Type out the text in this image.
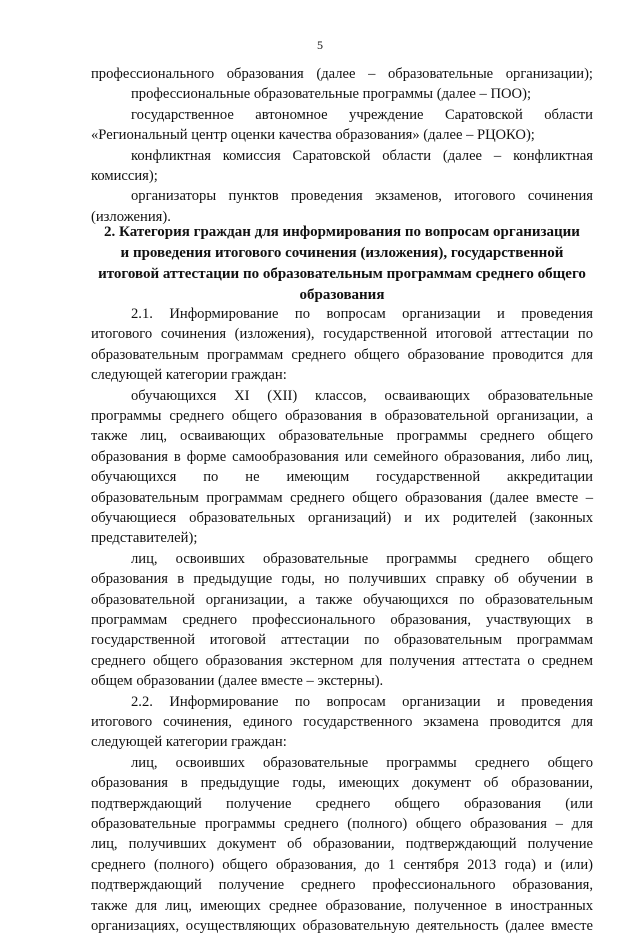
5
профессионального образования (далее – образовательные организации);
профессиональные образовательные программы (далее – ПОО);
государственное автономное учреждение Саратовской области
«Региональный центр оценки качества образования» (далее – РЦОКО);
конфликтная комиссия Саратовской области (далее – конфликтная
комиссия);
организаторы пунктов проведения экзаменов, итогового сочинения
(изложения).
2. Категория граждан для информирования по вопросам организации
и проведения итогового сочинения (изложения), государственной
итоговой аттестации по образовательным программам среднего общего
образования
2.1. Информирование по вопросам организации и проведения
итогового сочинения (изложения), государственной итоговой аттестации по
образовательным программам среднего общего образование проводится для
следующей категории граждан:
обучающихся XI (XII) классов, осваивающих образовательные
программы среднего общего образования в образовательной организации, а
также лиц, осваивающих образовательные программы среднего общего
образования в форме самообразования или семейного образования, либо лиц,
обучающихся по не имеющим государственной аккредитации
образовательным программам среднего общего образования (далее вместе –
обучающиеся образовательных организаций) и их родителей (законных
представителей);
лиц, освоивших образовательные программы среднего общего
образования в предыдущие годы, но получивших справку об обучении в
образовательной организации, а также обучающихся по образовательным
программам среднего профессионального образования, участвующих в
государственной итоговой аттестации по образовательным программам
среднего общего образования экстерном для получения аттестата о среднем
общем образовании (далее вместе – экстерны).
2.2. Информирование по вопросам организации и проведения
итогового сочинения, единого государственного экзамена проводится для
следующей категории граждан:
лиц, освоивших образовательные программы среднего общего
образования в предыдущие годы, имеющих документ об образовании,
подтверждающий получение среднего общего образования (или
образовательные программы среднего (полного) общего образования – для
лиц, получивших документ об образовании, подтверждающий получение
среднего (полного) общего образования, до 1 сентября 2013 года) и (или)
подтверждающий получение среднего профессионального образования,
также для лиц, имеющих среднее образование, полученное в иностранных
организациях, осуществляющих образовательную деятельность (далее вместе
